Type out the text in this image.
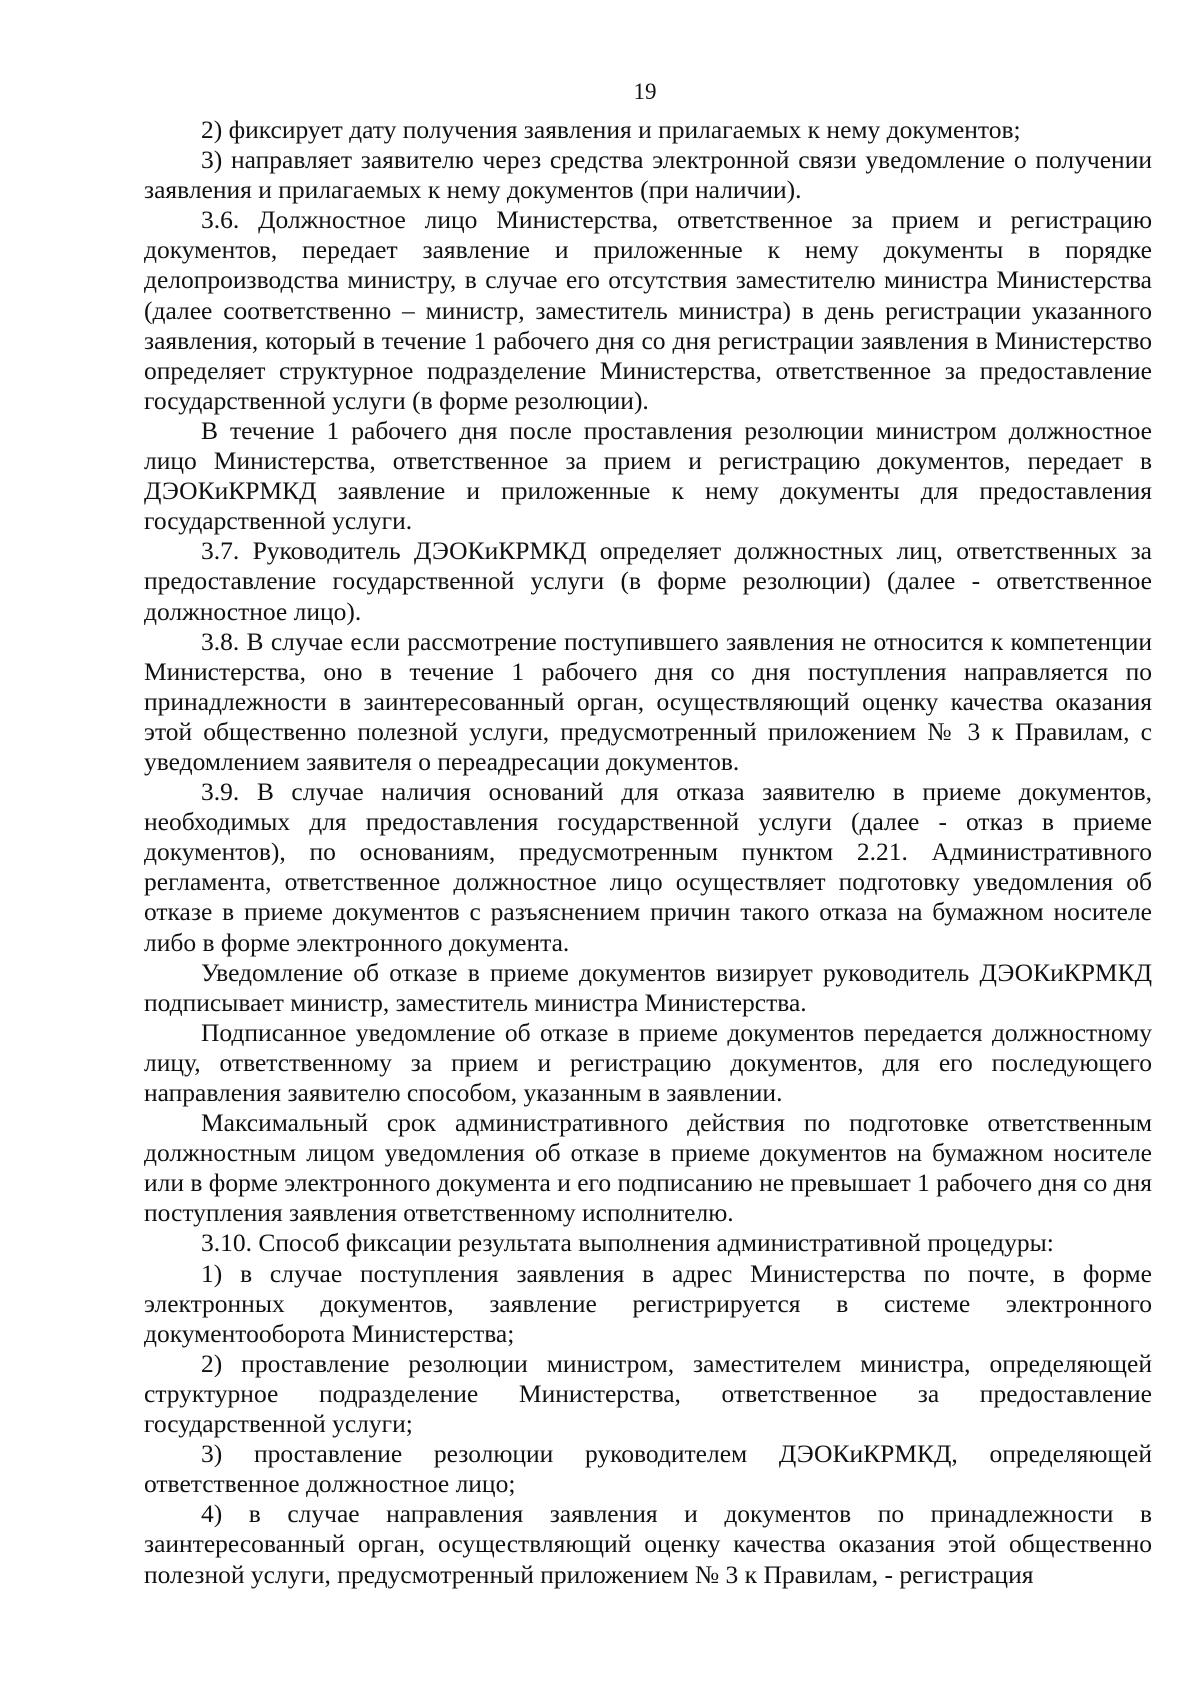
19

2) фиксирует дату получения заявления и прилагаемых к нему документов;

3) направляет заявителю через средства электронной связи уведомление о получении заявления и прилагаемых к нему документов (при наличии).

3.6. Должностное лицо Министерства, ответственное за прием и регистрацию документов, передает заявление и приложенные к нему документы в порядке делопроизводства министру, в случае его отсутствия заместителю министра Министерства (далее соответственно – министр, заместитель министра) в день регистрации указанного заявления, который в течение 1 рабочего дня со дня регистрации заявления в Министерство определяет структурное подразделение Министерства, ответственное за предоставление государственной услуги (в форме резолюции).

В течение 1 рабочего дня после проставления резолюции министром должностное лицо Министерства, ответственное за прием и регистрацию документов, передает в ДЭОКиКРМКД заявление и приложенные к нему документы для предоставления государственной услуги.

3.7. Руководитель ДЭОКиКРМКД определяет должностных лиц, ответственных за предоставление государственной услуги (в форме резолюции) (далее - ответственное должностное лицо).

3.8. В случае если рассмотрение поступившего заявления не относится к компетенции Министерства, оно в течение 1 рабочего дня со дня поступления направляется по принадлежности в заинтересованный орган, осуществляющий оценку качества оказания этой общественно полезной услуги, предусмотренный приложением № 3 к Правилам, с уведомлением заявителя о переадресации документов.

3.9. В случае наличия оснований для отказа заявителю в приеме документов, необходимых для предоставления государственной услуги (далее - отказ в приеме документов), по основаниям, предусмотренным пунктом 2.21. Административного регламента, ответственное должностное лицо осуществляет подготовку уведомления об отказе в приеме документов с разъяснением причин такого отказа на бумажном носителе либо в форме электронного документа.

Уведомление об отказе в приеме документов визирует руководитель ДЭОКиКРМКД подписывает министр, заместитель министра Министерства.

Подписанное уведомление об отказе в приеме документов передается должностному лицу, ответственному за прием и регистрацию документов, для его последующего направления заявителю способом, указанным в заявлении.

Максимальный срок административного действия по подготовке ответственным должностным лицом уведомления об отказе в приеме документов на бумажном носителе или в форме электронного документа и его подписанию не превышает 1 рабочего дня со дня поступления заявления ответственному исполнителю.

3.10. Способ фиксации результата выполнения административной процедуры:

1) в случае поступления заявления в адрес Министерства по почте, в форме электронных документов, заявление регистрируется в системе электронного документооборота Министерства;

2) проставление резолюции министром, заместителем министра, определяющей структурное подразделение Министерства, ответственное за предоставление государственной услуги;

3) проставление резолюции руководителем ДЭОКиКРМКД, определяющей ответственное должностное лицо;

4) в случае направления заявления и документов по принадлежности в заинтересованный орган, осуществляющий оценку качества оказания этой общественно полезной услуги, предусмотренный приложением № 3 к Правилам, - регистрация
